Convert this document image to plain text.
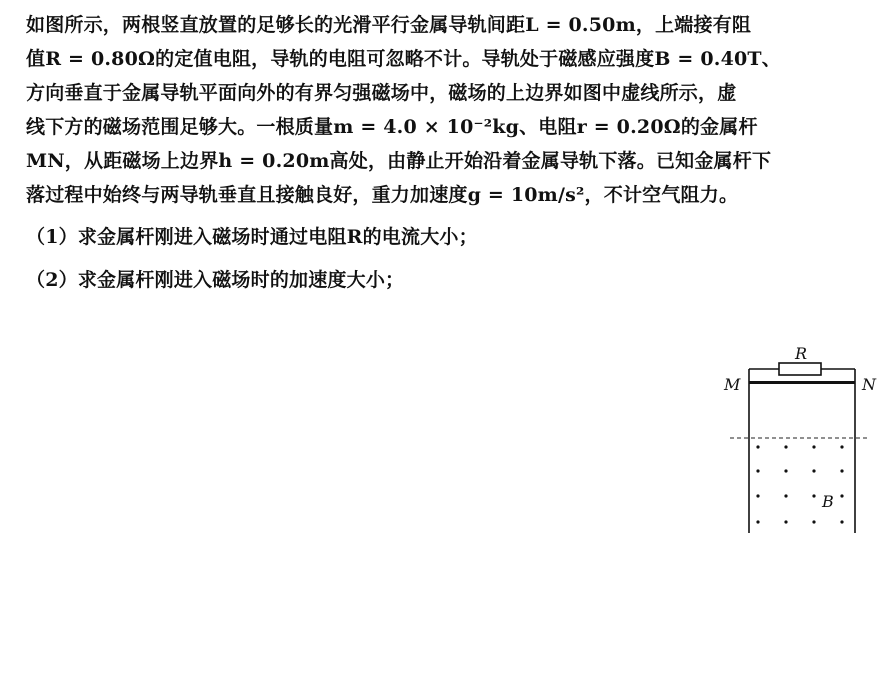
如图所示，两根竖直放置的足够长的光滑平行金属导轨间距L = 0.50m，上端接有阻
值R = 0.80Ω的定值电阻，导轨的电阻可忽略不计。导轨处于磁感应强度B = 0.40T、
方向垂直于金属导轨平面向外的有界匀强磁场中，磁场的上边界如图中虚线所示，虚
线下方的磁场范围足够大。一根质量m = 4.0 × 10⁻²kg、电阻r = 0.20Ω的金属杆
MN，从距磁场上边界h = 0.20m高处，由静止开始沿着金属导轨下落。已知金属杆下
落过程中始终与两导轨垂直且接触良好，重力加速度g = 10m/s²，不计空气阻力。
（1）求金属杆刚进入磁场时通过电阻R的电流大小；
（2）求金属杆刚进入磁场时的加速度大小；
R
M	N
B
